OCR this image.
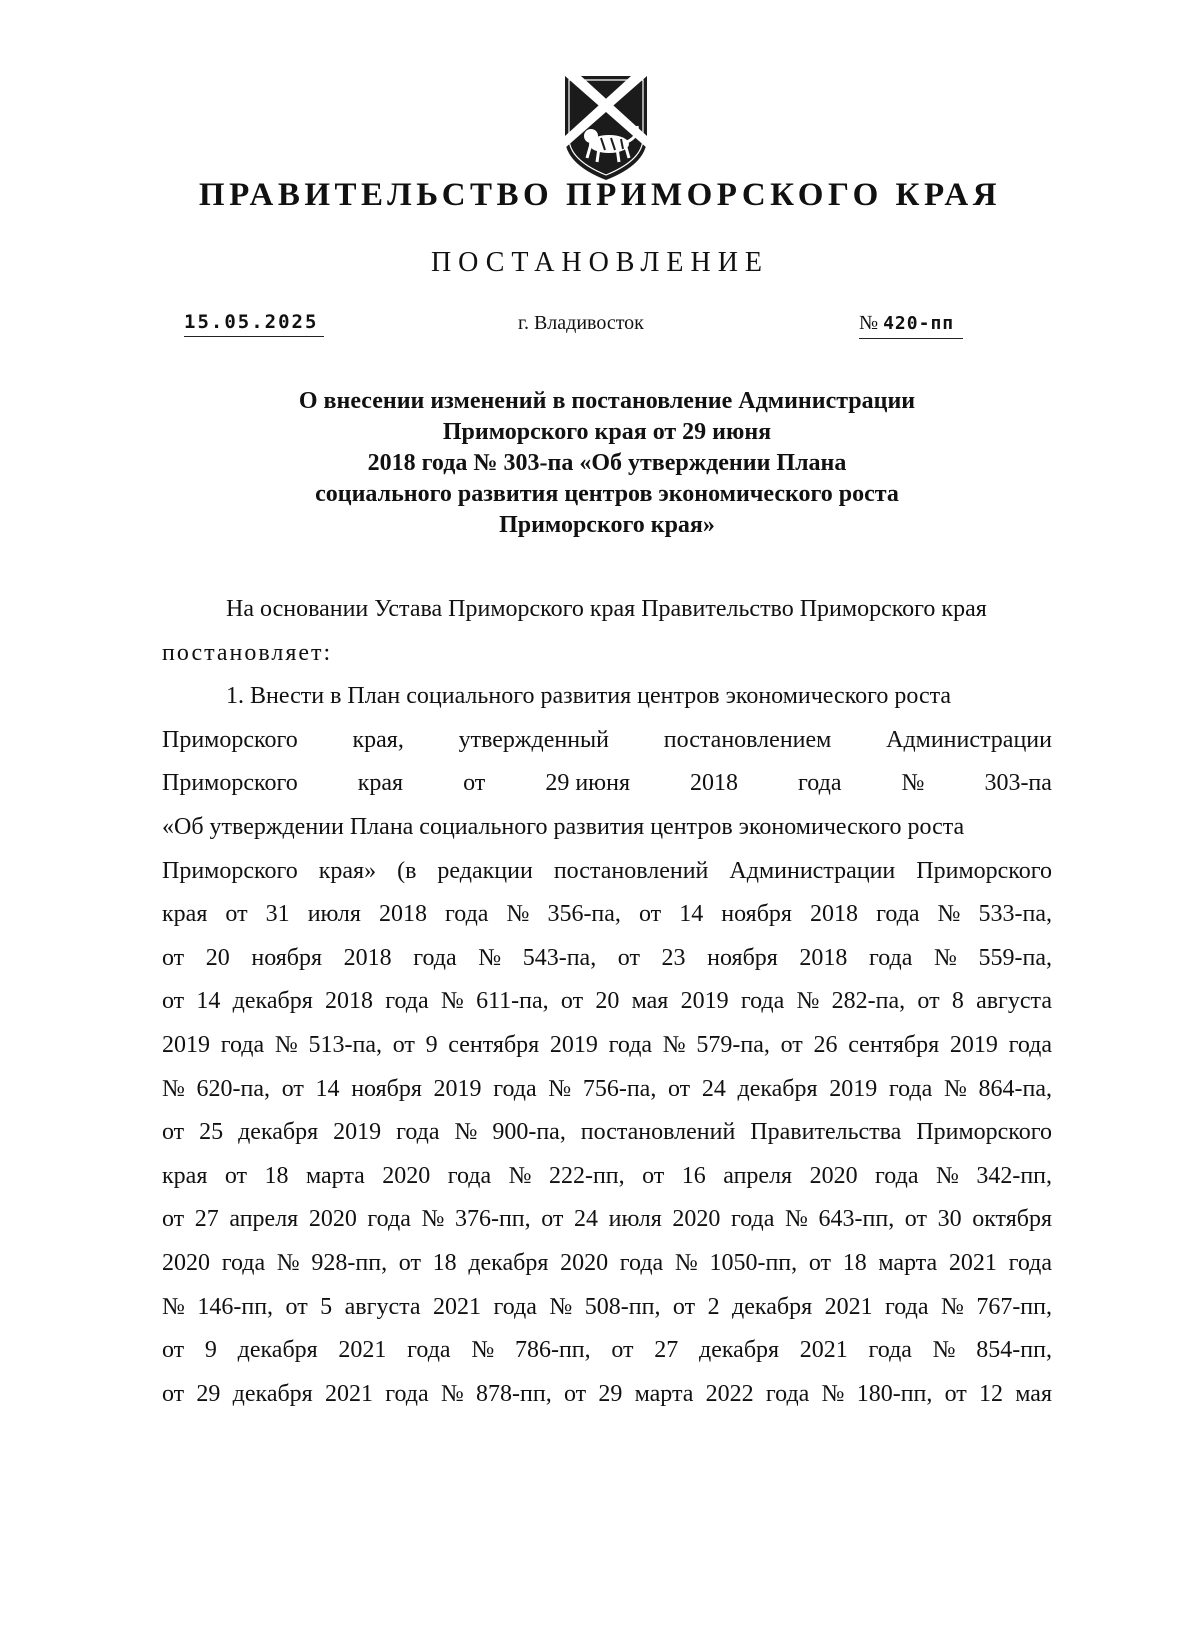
ПРАВИТЕЛЬСТВО ПРИМОРСКОГО КРАЯ
ПОСТАНОВЛЕНИЕ
15.05.2025	г. Владивосток	№ 420-пп
О внесении изменений в постановление Администрации
Приморского края от 29 июня
2018 года № 303-па «Об утверждении Плана
социального развития центров экономического роста
Приморского края»
На основании Устава Приморского края Правительство Приморского края
постановляет:
1. Внести в План социального развития центров экономического роста
Приморского края, утвержденный постановлением Администрации
Приморского	края	от	29 июня	2018	года	№	303-па
«Об утверждении Плана социального развития центров экономического роста
Приморского края» (в редакции постановлений Администрации Приморского
края от 31 июля 2018 года № 356-па, от 14 ноября 2018 года № 533-па,
от 20 ноября 2018 года № 543-па, от 23 ноября 2018 года № 559-па,
от 14 декабря 2018 года № 611-па, от 20 мая 2019 года № 282-па, от 8 августа
2019 года № 513-па, от 9 сентября 2019 года № 579-па, от 26 сентября 2019 года
№ 620-па, от 14 ноября 2019 года № 756-па, от 24 декабря 2019 года № 864-па,
от 25 декабря 2019 года № 900-па, постановлений Правительства Приморского
края от 18 марта 2020 года № 222-пп, от 16 апреля 2020 года № 342-пп,
от 27 апреля 2020 года № 376-пп, от 24 июля 2020 года № 643-пп, от 30 октября
2020 года № 928-пп, от 18 декабря 2020 года № 1050-пп, от 18 марта 2021 года
№ 146-пп, от 5 августа 2021 года № 508-пп, от 2 декабря 2021 года № 767-пп,
от 9 декабря 2021 года № 786-пп, от 27 декабря 2021 года № 854-пп,
от 29 декабря 2021 года № 878-пп, от 29 марта 2022 года № 180-пп, от 12 мая
